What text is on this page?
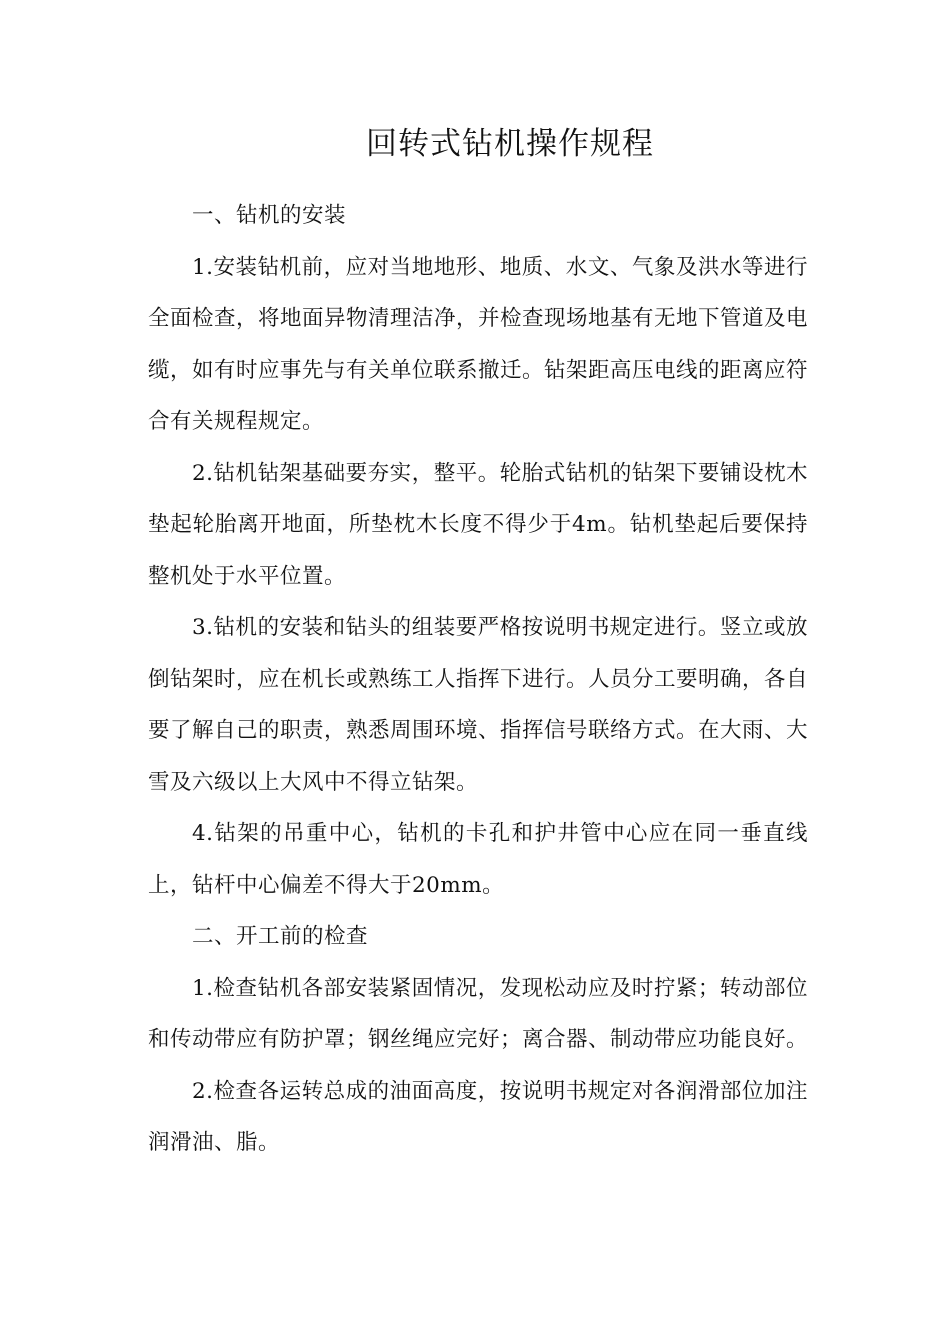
回转式钻机操作规程

一、钻机的安装

1.安装钻机前，应对当地地形、地质、水文、气象及洪水等进行全面检查，将地面异物清理洁净，并检查现场地基有无地下管道及电缆，如有时应事先与有关单位联系撤迁。钻架距高压电线的距离应符合有关规程规定。

2.钻机钻架基础要夯实，整平。轮胎式钻机的钻架下要铺设枕木垫起轮胎离开地面，所垫枕木长度不得少于4m。钻机垫起后要保持整机处于水平位置。

3.钻机的安装和钻头的组装要严格按说明书规定进行。竖立或放倒钻架时，应在机长或熟练工人指挥下进行。人员分工要明确，各自要了解自己的职责，熟悉周围环境、指挥信号联络方式。在大雨、大雪及六级以上大风中不得立钻架。

4.钻架的吊重中心，钻机的卡孔和护井管中心应在同一垂直线上，钻杆中心偏差不得大于20mm。

二、开工前的检查

1.检查钻机各部安装紧固情况，发现松动应及时拧紧；转动部位和传动带应有防护罩；钢丝绳应完好；离合器、制动带应功能良好。

2.检查各运转总成的油面高度，按说明书规定对各润滑部位加注润滑油、脂。
